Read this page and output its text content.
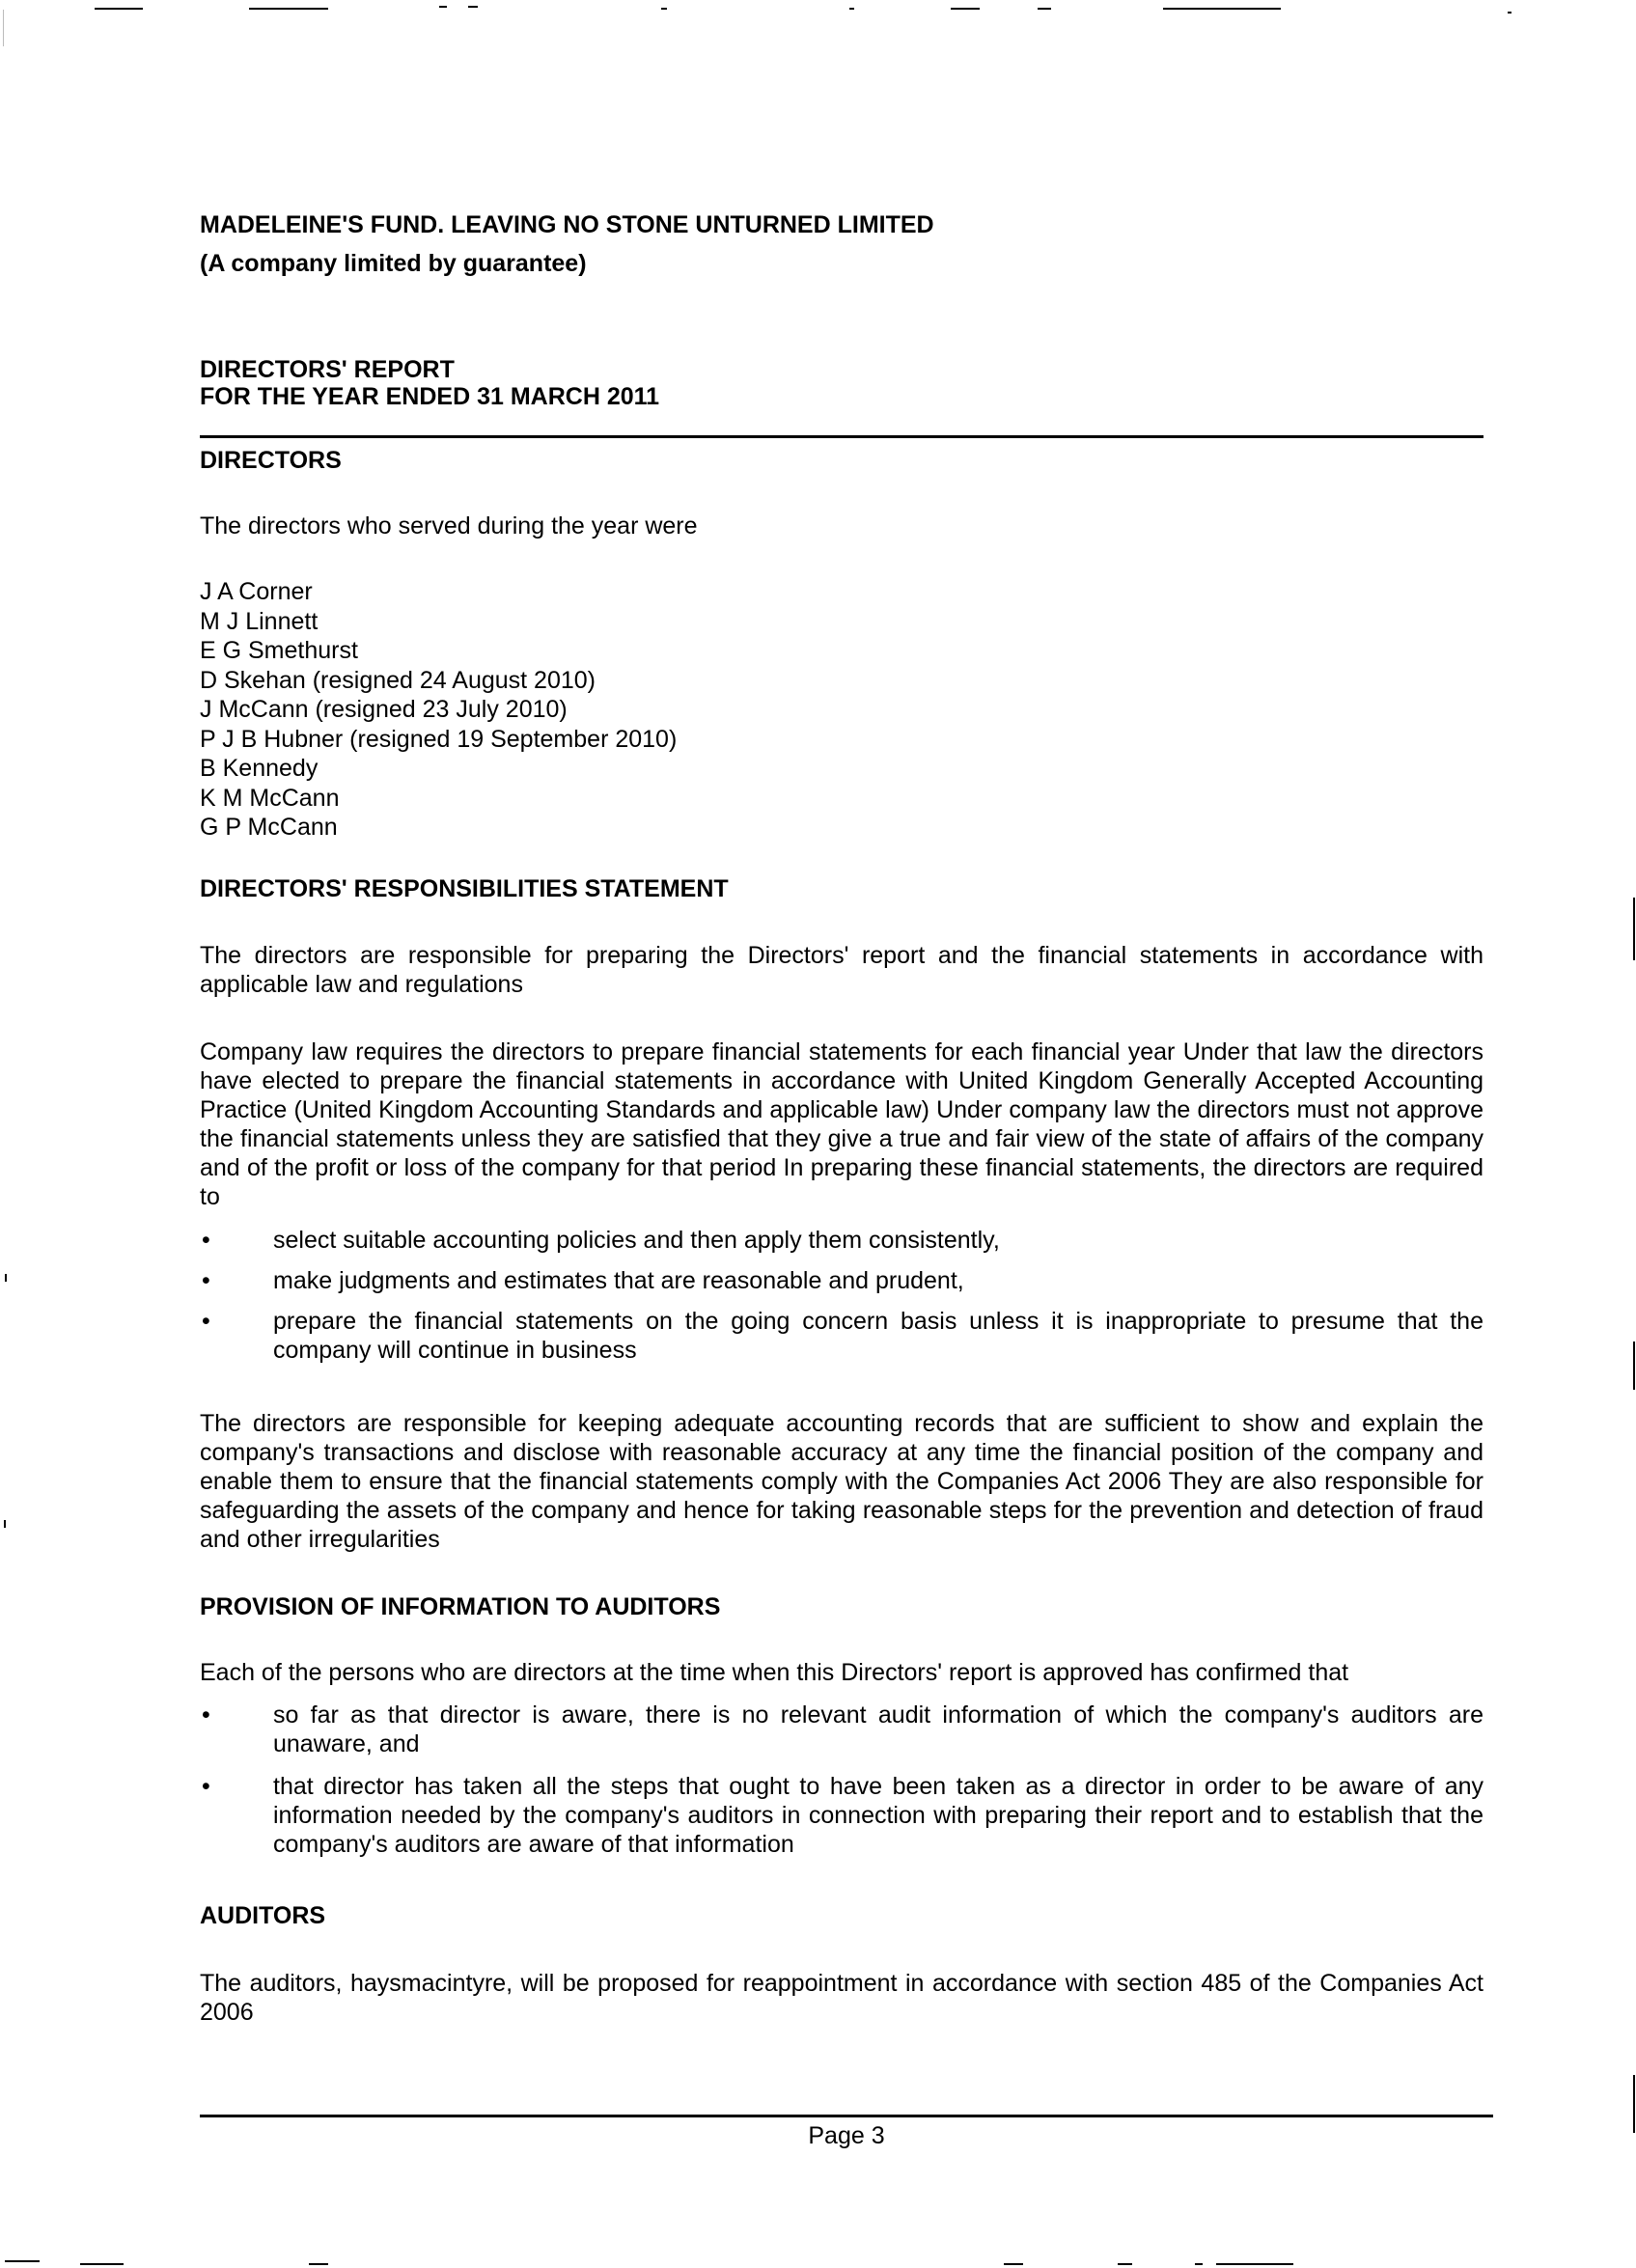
MADELEINE'S FUND. LEAVING NO STONE UNTURNED LIMITED
(A company limited by guarantee)
DIRECTORS' REPORT
FOR THE YEAR ENDED 31 MARCH 2011
DIRECTORS
The directors who served during the year were
J A Corner
M J Linnett
E G Smethurst
D Skehan (resigned 24 August 2010)
J McCann (resigned 23 July 2010)
P J B Hubner (resigned 19 September 2010)
B Kennedy
K M McCann
G P McCann
DIRECTORS' RESPONSIBILITIES STATEMENT
The directors are responsible for preparing the Directors' report and the financial statements in accordance with applicable law and regulations
Company law requires the directors to prepare financial statements for each financial year Under that law the directors have elected to prepare the financial statements in accordance with United Kingdom Generally Accepted Accounting Practice (United Kingdom Accounting Standards and applicable law) Under company law the directors must not approve the financial statements unless they are satisfied that they give a true and fair view of the state of affairs of the company and of the profit or loss of the company for that period In preparing these financial statements, the directors are required to
•	select suitable accounting policies and then apply them consistently,
•	make judgments and estimates that are reasonable and prudent,
•	prepare the financial statements on the going concern basis unless it is inappropriate to presume that the company will continue in business
The directors are responsible for keeping adequate accounting records that are sufficient to show and explain the company's transactions and disclose with reasonable accuracy at any time the financial position of the company and enable them to ensure that the financial statements comply with the Companies Act 2006 They are also responsible for safeguarding the assets of the company and hence for taking reasonable steps for the prevention and detection of fraud and other irregularities
PROVISION OF INFORMATION TO AUDITORS
Each of the persons who are directors at the time when this Directors' report is approved has confirmed that
•	so far as that director is aware, there is no relevant audit information of which the company's auditors are unaware, and
•	that director has taken all the steps that ought to have been taken as a director in order to be aware of any information needed by the company's auditors in connection with preparing their report and to establish that the company's auditors are aware of that information
AUDITORS
The auditors, haysmacintyre, will be proposed for reappointment in accordance with section 485 of the Companies Act 2006
Page 3
